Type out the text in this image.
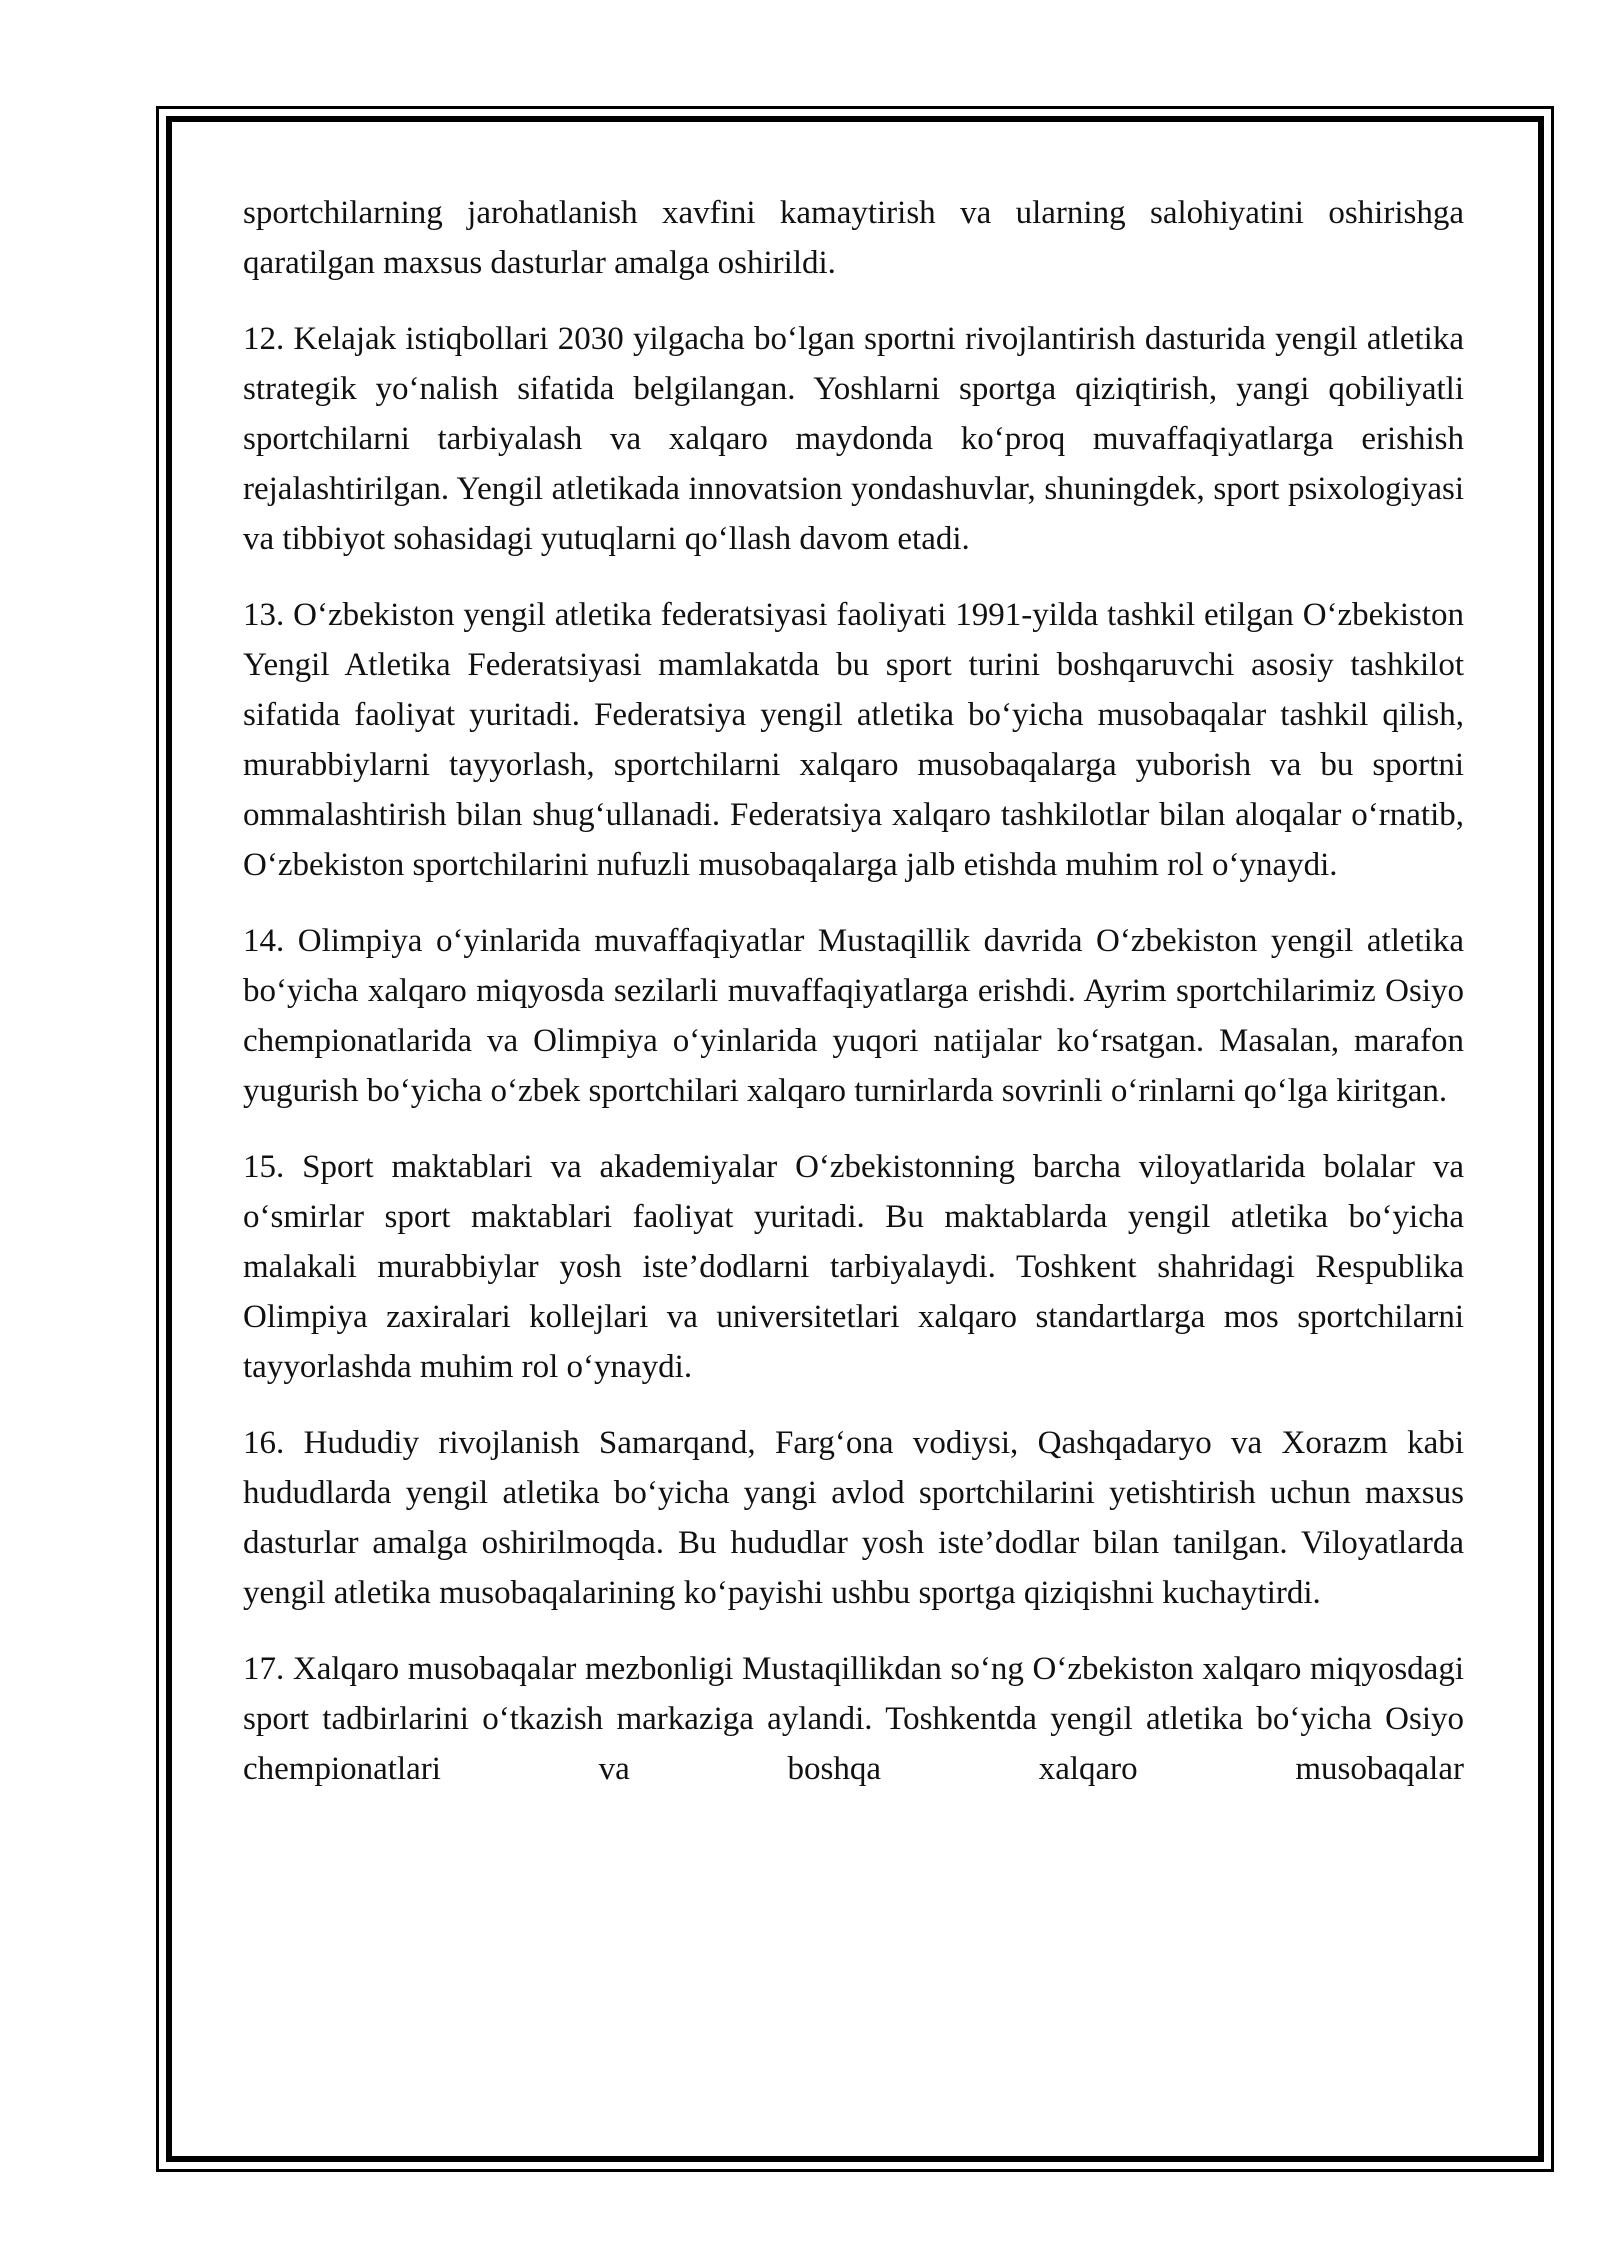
sportchilarning jarohatlanish xavfini kamaytirish va ularning salohiyatini oshirishga qaratilgan maxsus dasturlar amalga oshirildi.

12. Kelajak istiqbollari 2030 yilgacha bo‘lgan sportni rivojlantirish dasturida yengil atletika strategik yo‘nalish sifatida belgilangan. Yoshlarni sportga qiziqtirish, yangi qobiliyatli sportchilarni tarbiyalash va xalqaro maydonda ko‘proq muvaffaqiyatlarga erishish rejalashtirilgan. Yengil atletikada innovatsion yondashuvlar, shuningdek, sport psixologiyasi va tibbiyot sohasidagi yutuqlarni qo‘llash davom etadi.

13. O‘zbekiston yengil atletika federatsiyasi faoliyati 1991-yilda tashkil etilgan O‘zbekiston Yengil Atletika Federatsiyasi mamlakatda bu sport turini boshqaruvchi asosiy tashkilot sifatida faoliyat yuritadi. Federatsiya yengil atletika bo‘yicha musobaqalar tashkil qilish, murabbiylarni tayyorlash, sportchilarni xalqaro musobaqalarga yuborish va bu sportni ommalashtirish bilan shug‘ullanadi. Federatsiya xalqaro tashkilotlar bilan aloqalar o‘rnatib, O‘zbekiston sportchilarini nufuzli musobaqalarga jalb etishda muhim rol o‘ynaydi.

14. Olimpiya o‘yinlarida muvaffaqiyatlar Mustaqillik davrida O‘zbekiston yengil atletika bo‘yicha xalqaro miqyosda sezilarli muvaffaqiyatlarga erishdi. Ayrim sportchilarimiz Osiyo chempionatlarida va Olimpiya o‘yinlarida yuqori natijalar ko‘rsatgan. Masalan, marafon yugurish bo‘yicha o‘zbek sportchilari xalqaro turnirlarda sovrinli o‘rinlarni qo‘lga kiritgan.

15. Sport maktablari va akademiyalar O‘zbekistonning barcha viloyatlarida bolalar va o‘smirlar sport maktablari faoliyat yuritadi. Bu maktablarda yengil atletika bo‘yicha malakali murabbiylar yosh iste’dodlarni tarbiyalaydi. Toshkent shahridagi Respublika Olimpiya zaxiralari kollejlari va universitetlari xalqaro standartlarga mos sportchilarni tayyorlashda muhim rol o‘ynaydi.

16. Hududiy rivojlanish Samarqand, Farg‘ona vodiysi, Qashqadaryo va Xorazm kabi hududlarda yengil atletika bo‘yicha yangi avlod sportchilarini yetishtirish uchun maxsus dasturlar amalga oshirilmoqda. Bu hududlar yosh iste’dodlar bilan tanilgan. Viloyatlarda yengil atletika musobaqalarining ko‘payishi ushbu sportga qiziqishni kuchaytirdi.

17. Xalqaro musobaqalar mezbonligi Mustaqillikdan so‘ng O‘zbekiston xalqaro miqyosdagi sport tadbirlarini o‘tkazish markaziga aylandi. Toshkentda yengil atletika bo‘yicha Osiyo chempionatlari va boshqa xalqaro musobaqalar
